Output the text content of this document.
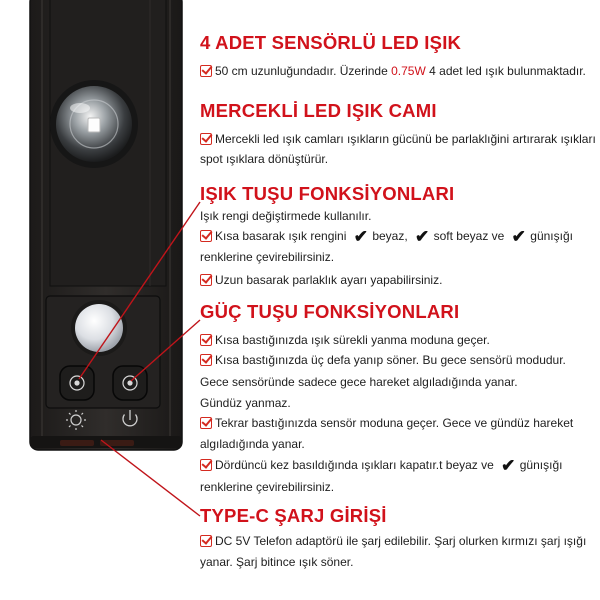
4 ADET SENSÖRLÜ LED IŞIK
50 cm uzunluğundadır. Üzerinde 0.75W 4 adet led ışık bulunmaktadır.
MERCEKLİ LED IŞIK CAMI
Mercekli led ışık camları ışıkların gücünü be parlaklığini artırarak ışıkları
spot ışıklara dönüştürür.
IŞIK TUŞU FONKSİYONLARI
Işık rengi değiştirmede kullanılır.
Kısa basarak ışık rengini ✔ beyaz, ✔ soft beyaz ve ✔ günışığı
renklerine çevirebilirsiniz.
Uzun basarak parlaklık ayarı yapabilirsiniz.
GÜÇ TUŞU FONKSİYONLARI
Kısa bastığınızda ışık sürekli yanma moduna geçer.
Kısa bastığınızda üç defa yanıp söner. Bu gece sensörü modudur.
Gece sensöründe sadece gece hareket algıladığında yanar.
Gündüz yanmaz.
Tekrar bastığınızda sensör moduna geçer. Gece ve gündüz hareket
algıladığında yanar.
Dördüncü kez basıldığında ışıkları kapatır.t beyaz ve ✔ günışığı
renklerine çevirebilirsiniz.
TYPE-C ŞARJ GİRİŞİ
DC 5V Telefon adaptörü ile şarj edilebilir. Şarj olurken kırmızı şarj ışığı
yanar. Şarj bitince ışık söner.
